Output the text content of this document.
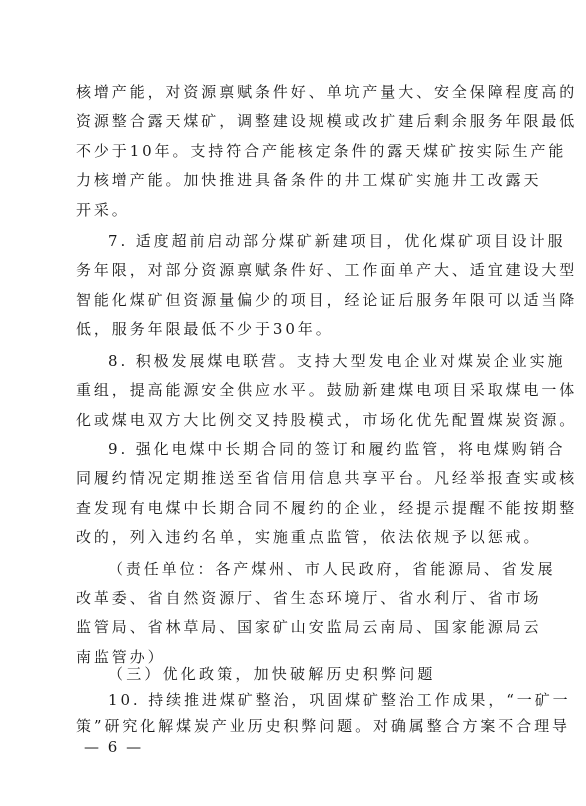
核增产能，对资源禀赋条件好、单坑产量大、安全保障程度高的
资源整合露天煤矿，调整建设规模或改扩建后剩余服务年限最低
不少于10年。支持符合产能核定条件的露天煤矿按实际生产能
力核增产能。加快推进具备条件的井工煤矿实施井工改露天
开采。
7. 适度超前启动部分煤矿新建项目，优化煤矿项目设计服
务年限，对部分资源禀赋条件好、工作面单产大、适宜建设大型
智能化煤矿但资源量偏少的项目，经论证后服务年限可以适当降
低，服务年限最低不少于30年。
8. 积极发展煤电联营。支持大型发电企业对煤炭企业实施
重组，提高能源安全供应水平。鼓励新建煤电项目采取煤电一体
化或煤电双方大比例交叉持股模式，市场化优先配置煤炭资源。
9. 强化电煤中长期合同的签订和履约监管，将电煤购销合
同履约情况定期推送至省信用信息共享平台。凡经举报查实或核
查发现有电煤中长期合同不履约的企业，经提示提醒不能按期整
改的，列入违约名单，实施重点监管，依法依规予以惩戒。
（责任单位：各产煤州、市人民政府，省能源局、省发展
改革委、省自然资源厅、省生态环境厅、省水利厅、省市场
监管局、省林草局、国家矿山安监局云南局、国家能源局云
南监管办）
（三）优化政策，加快破解历史积弊问题
10. 持续推进煤矿整治，巩固煤矿整治工作成果，“一矿一
策”研究化解煤炭产业历史积弊问题。对确属整合方案不合理导
— 6 —
